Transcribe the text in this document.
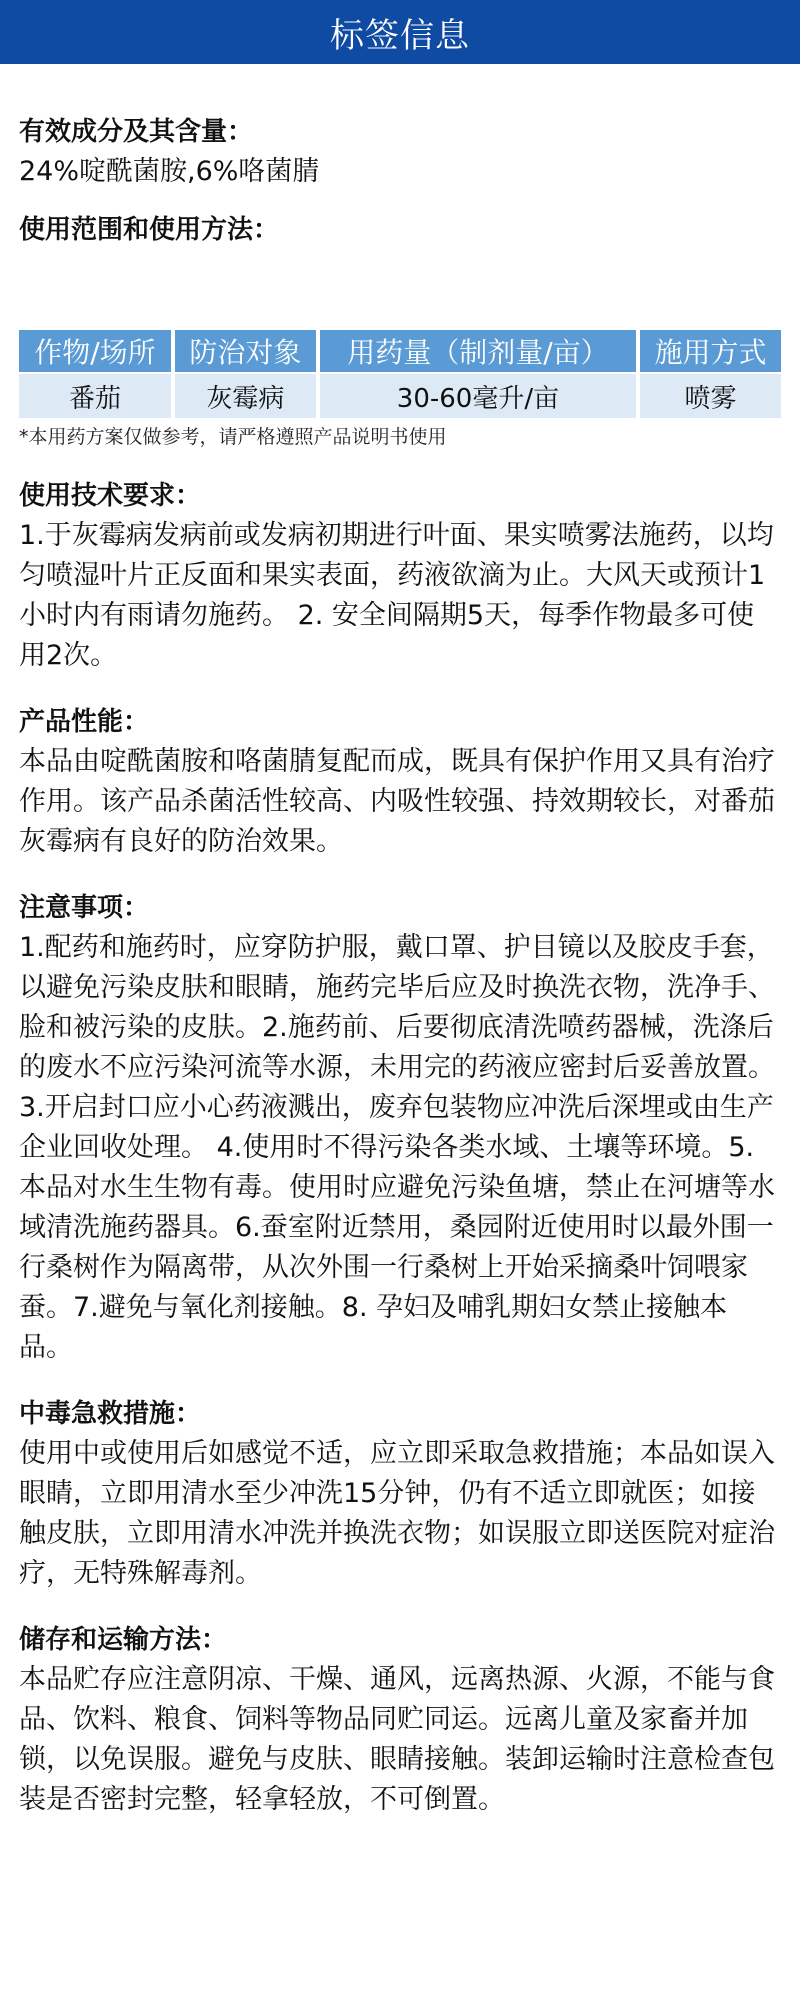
标签信息

有效成分及其含量：

24%啶酰菌胺,6%咯菌腈

使用范围和使用方法：

作物/场所	防治对象	用药量（制剂量/亩）	施用方式
番茄	灰霉病	30-60毫升/亩	喷雾

*本用药方案仅做参考，请严格遵照产品说明书使用

使用技术要求：

1.于灰霉病发病前或发病初期进行叶面、果实喷雾法施药，以均匀喷湿叶片正反面和果实表面，药液欲滴为止。大风天或预计1小时内有雨请勿施药。 2. 安全间隔期5天，每季作物最多可使用2次。

产品性能：

本品由啶酰菌胺和咯菌腈复配而成，既具有保护作用又具有治疗作用。该产品杀菌活性较高、内吸性较强、持效期较长，对番茄灰霉病有良好的防治效果。

注意事项：

1.配药和施药时，应穿防护服，戴口罩、护目镜以及胶皮手套，以避免污染皮肤和眼睛，施药完毕后应及时换洗衣物，洗净手、脸和被污染的皮肤。2.施药前、后要彻底清洗喷药器械，洗涤后的废水不应污染河流等水源，未用完的药液应密封后妥善放置。3.开启封口应小心药液溅出，废弃包装物应冲洗后深埋或由生产企业回收处理。 4.使用时不得污染各类水域、土壤等环境。5.本品对水生生物有毒。使用时应避免污染鱼塘，禁止在河塘等水域清洗施药器具。6.蚕室附近禁用，桑园附近使用时以最外围一行桑树作为隔离带，从次外围一行桑树上开始采摘桑叶饲喂家蚕。7.避免与氧化剂接触。8. 孕妇及哺乳期妇女禁止接触本品。

中毒急救措施：

使用中或使用后如感觉不适，应立即采取急救措施；本品如误入眼睛，立即用清水至少冲洗15分钟，仍有不适立即就医；如接触皮肤，立即用清水冲洗并换洗衣物；如误服立即送医院对症治疗，无特殊解毒剂。

储存和运输方法：

本品贮存应注意阴凉、干燥、通风，远离热源、火源，不能与食品、饮料、粮食、饲料等物品同贮同运。远离儿童及家畜并加锁，以免误服。避免与皮肤、眼睛接触。装卸运输时注意检查包装是否密封完整，轻拿轻放，不可倒置。
